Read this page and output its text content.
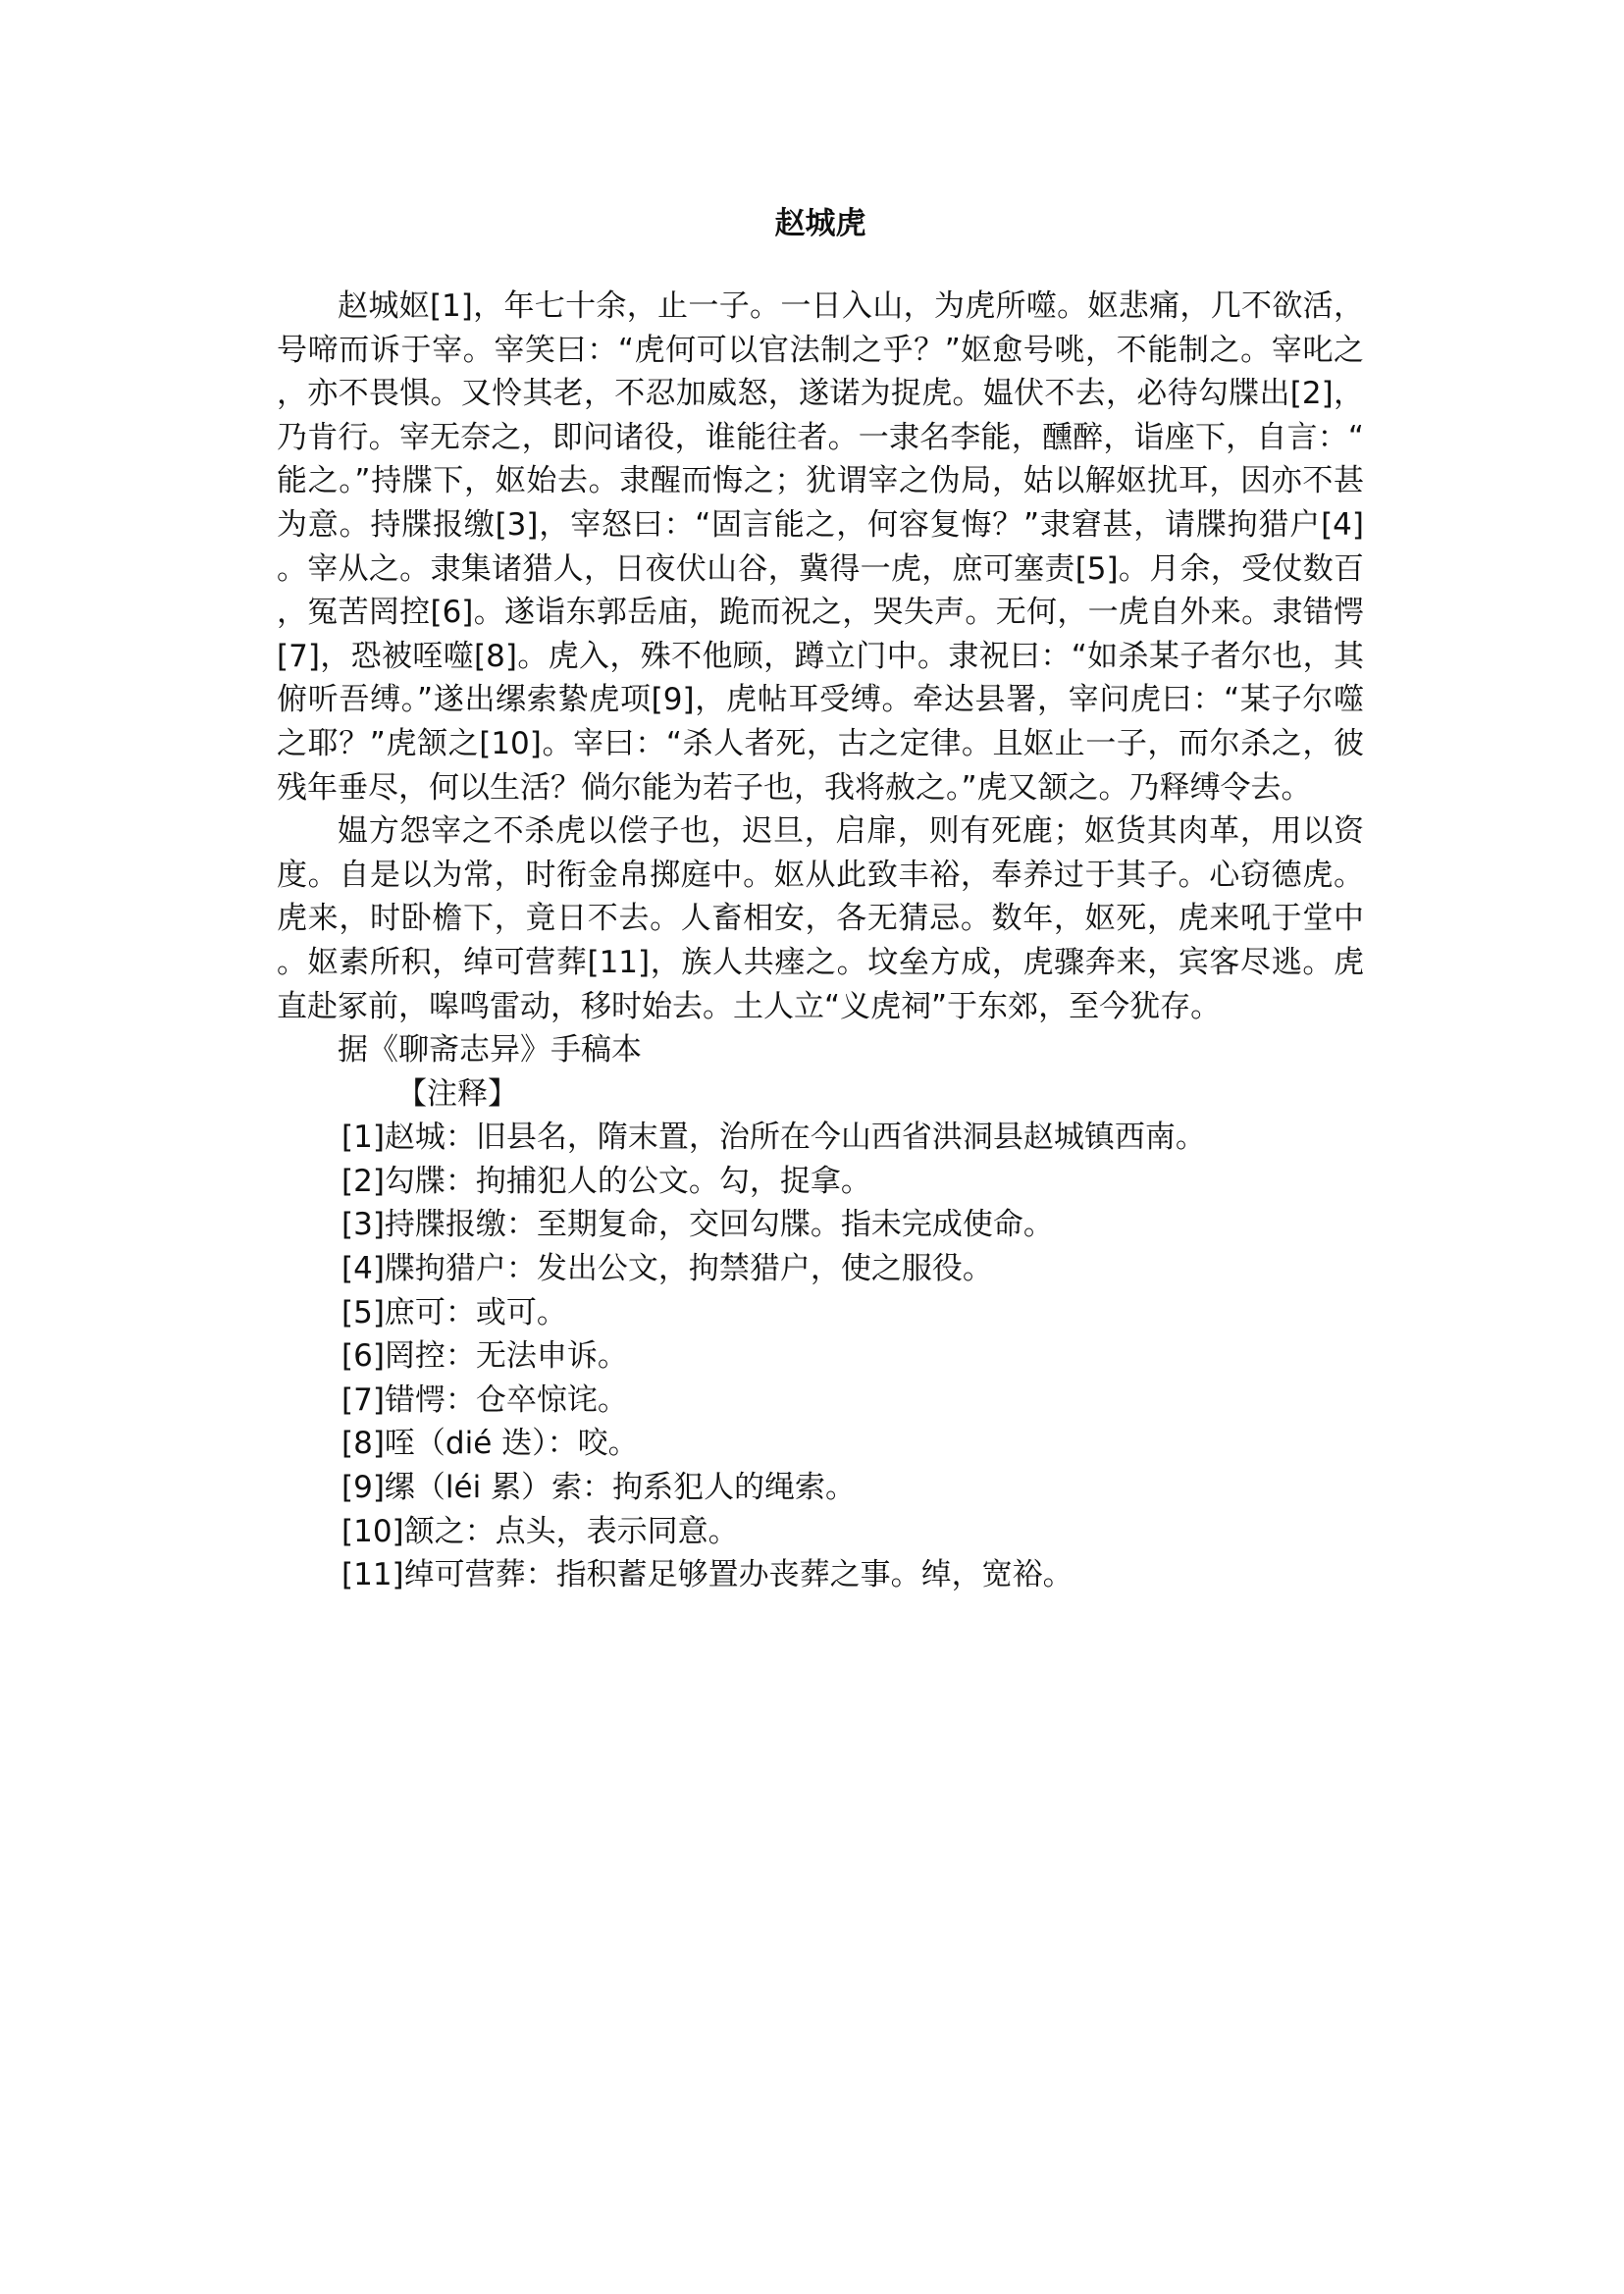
赵城虎

赵城妪[1]，年七十余，止一子。一日入山，为虎所噬。妪悲痛，几不欲活，号啼而诉于宰。宰笑曰：“虎何可以官法制之乎？”妪愈号咷，不能制之。宰叱之，亦不畏惧。又怜其老，不忍加威怒，遂诺为捉虎。媪伏不去，必待勾牒出[2]，乃肯行。宰无奈之，即问诸役，谁能往者。一隶名李能，醺醉，诣座下，自言：“能之。”持牒下，妪始去。隶醒而悔之；犹谓宰之伪局，姑以解妪扰耳，因亦不甚为意。持牒报缴[3]，宰怒曰：“固言能之，何容复悔？”隶窘甚，请牒拘猎户[4]。宰从之。隶集诸猎人，日夜伏山谷，冀得一虎，庶可塞责[5]。月余，受仗数百，冤苦罔控[6]。遂诣东郭岳庙，跪而祝之，哭失声。无何，一虎自外来。隶错愕[7]，恐被咥噬[8]。虎入，殊不他顾，蹲立门中。隶祝曰：“如杀某子者尔也，其俯听吾缚。”遂出缧索絷虎项[9]，虎帖耳受缚。牵达县署，宰问虎曰：“某子尔噬之耶？”虎颔之[10]。宰曰：“杀人者死，古之定律。且妪止一子，而尔杀之，彼残年垂尽，何以生活？倘尔能为若子也，我将赦之。”虎又颔之。乃释缚令去。

媪方怨宰之不杀虎以偿子也，迟旦，启扉，则有死鹿；妪货其肉革，用以资度。自是以为常，时衔金帛掷庭中。妪从此致丰裕，奉养过于其子。心窃德虎。虎来，时卧檐下，竟日不去。人畜相安，各无猜忌。数年，妪死，虎来吼于堂中。妪素所积，绰可营葬[11]，族人共瘗之。坟垒方成，虎骤奔来，宾客尽逃。虎直赴冢前，嗥鸣雷动，移时始去。土人立“义虎祠”于东郊，至今犹存。

据《聊斋志异》手稿本

【注释】

[1]赵城：旧县名，隋末置，治所在今山西省洪洞县赵城镇西南。
[2]勾牒：拘捕犯人的公文。勾，捉拿。
[3]持牒报缴：至期复命，交回勾牒。指未完成使命。
[4]牒拘猎户：发出公文，拘禁猎户，使之服役。
[5]庶可：或可。
[6]罔控：无法申诉。
[7]错愕：仓卒惊诧。
[8]咥（dié 迭）：咬。
[9]缧（léi 累）索：拘系犯人的绳索。
[10]颔之：点头，表示同意。
[11]绰可营葬：指积蓄足够置办丧葬之事。绰，宽裕。
